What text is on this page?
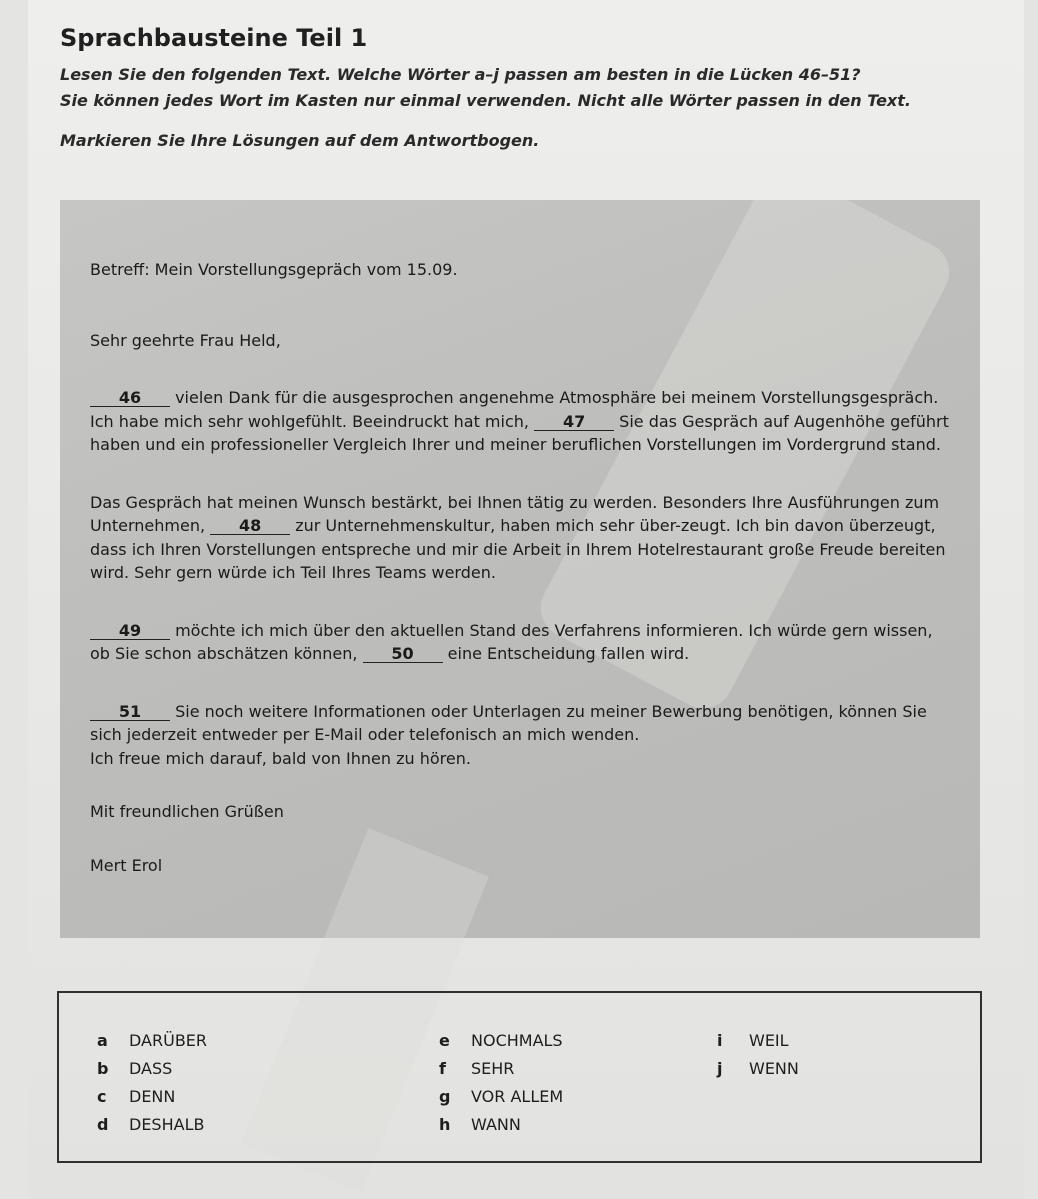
Sprachbausteine Teil 1

Lesen Sie den folgenden Text. Welche Wörter a–j passen am besten in die Lücken 46–51?

Sie können jedes Wort im Kasten nur einmal verwenden. Nicht alle Wörter passen in den Text.

Markieren Sie Ihre Lösungen auf dem Antwortbogen.

Betreff: Mein Vorstellungsgepräch vom 15.09.

Sehr geehrte Frau Held,

46 vielen Dank für die ausgesprochen angenehme Atmosphäre bei meinem Vorstellungsgespräch. Ich habe mich sehr wohlgefühlt. Beeindruckt hat mich, 47 Sie das Gespräch auf Augenhöhe geführt haben und ein professioneller Vergleich Ihrer und meiner beruflichen Vorstellungen im Vordergrund stand.

Das Gespräch hat meinen Wunsch bestärkt, bei Ihnen tätig zu werden. Besonders Ihre Ausführungen zum Unternehmen, 48 zur Unternehmenskultur, haben mich sehr über-zeugt. Ich bin davon überzeugt, dass ich Ihren Vorstellungen entspreche und mir die Arbeit in Ihrem Hotelrestaurant große Freude bereiten wird. Sehr gern würde ich Teil Ihres Teams werden.

49 möchte ich mich über den aktuellen Stand des Verfahrens informieren. Ich würde gern wissen, ob Sie schon abschätzen können, 50 eine Entscheidung fallen wird.

51 Sie noch weitere Informationen oder Unterlagen zu meiner Bewerbung benötigen, können Sie sich jederzeit entweder per E-Mail oder telefonisch an mich wenden.

Ich freue mich darauf, bald von Ihnen zu hören.

Mit freundlichen Grüßen

Mert Erol

a DARÜBER
b DASS
c DENN
d DESHALB
e NOCHMALS
f SEHR
g VOR ALLEM
h WANN
i WEIL
j WENN
